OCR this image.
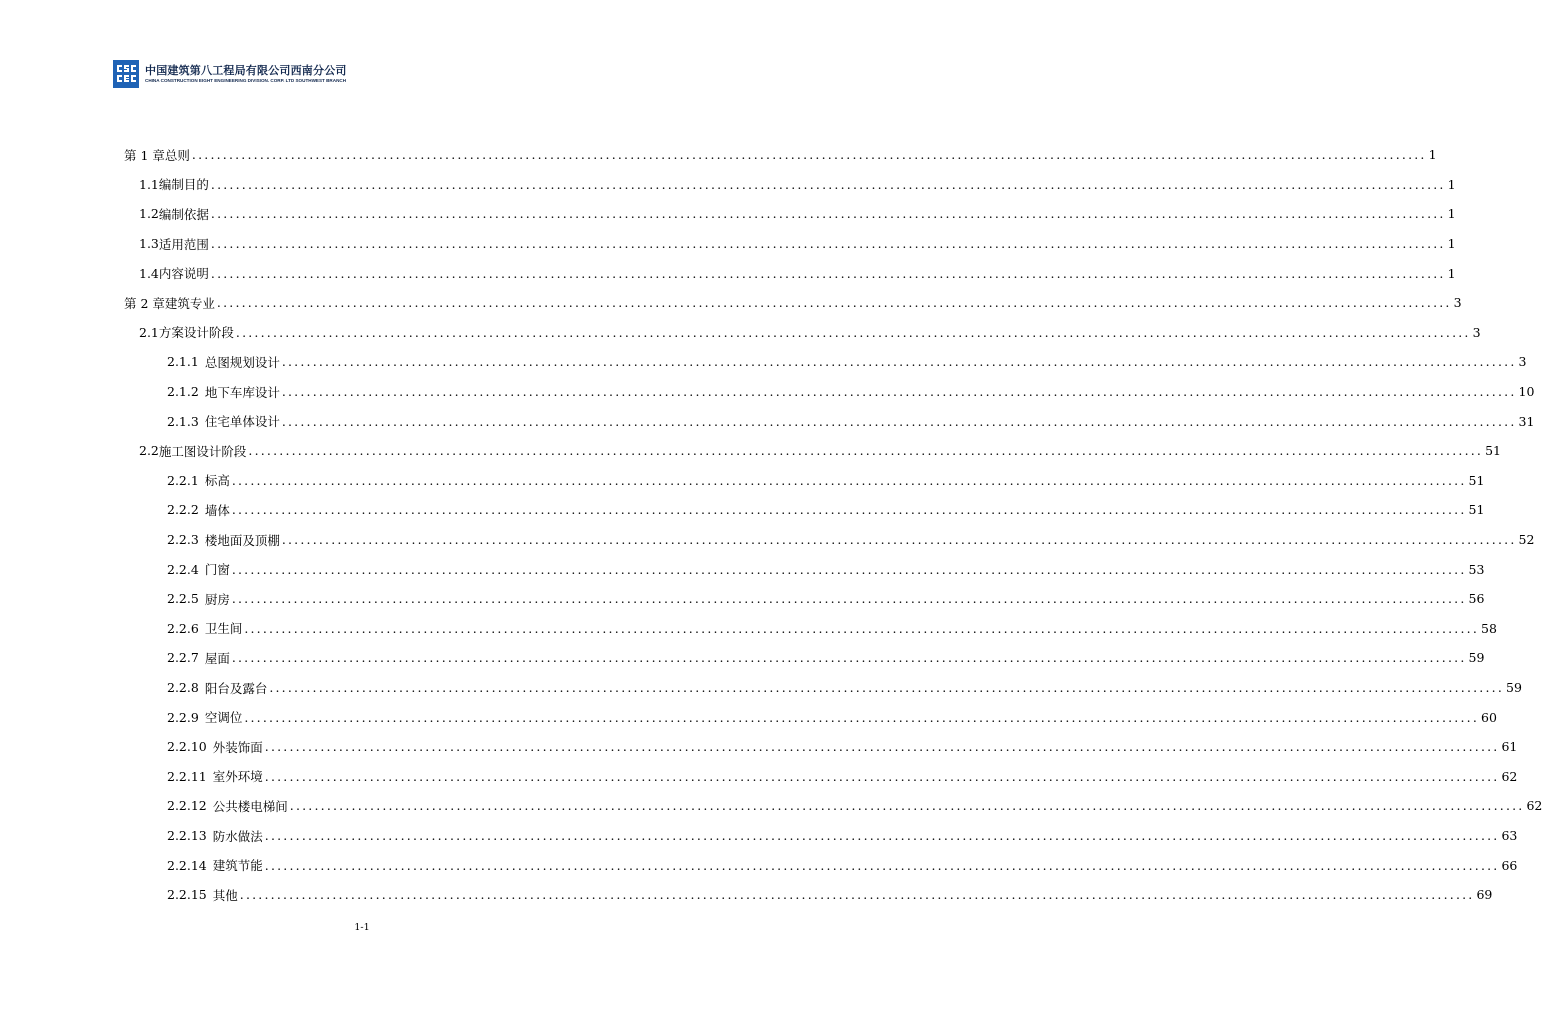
中国建筑第八工程局有限公司西南分公司
CHINA CONSTRUCTION EIGHT ENGINEERING DIVISION. CORP. LTD SOUTHWEST BRANCH
第 1 章 总则 ........................................................................................................................................................................................................ 1
1.1 编制目的 ........................................................................................................................................................................................................ 1
1.2 编制依据 ........................................................................................................................................................................................................ 1
1.3 适用范围 ........................................................................................................................................................................................................ 1
1.4 内容说明 ........................................................................................................................................................................................................ 1
第 2 章 建筑专业 ........................................................................................................................................................................................................ 3
2.1 方案设计阶段 ........................................................................................................................................................................................................ 3
2.1.1 总图规划设计 ........................................................................................................................................................................................................ 3
2.1.2 地下车库设计 ........................................................................................................................................................................................................ 10
2.1.3 住宅单体设计 ........................................................................................................................................................................................................ 31
2.2 施工图设计阶段 ........................................................................................................................................................................................................ 51
2.2.1 标高 ........................................................................................................................................................................................................ 51
2.2.2 墙体 ........................................................................................................................................................................................................ 51
2.2.3 楼地面及顶棚 ........................................................................................................................................................................................................ 52
2.2.4 门窗 ........................................................................................................................................................................................................ 53
2.2.5 厨房 ........................................................................................................................................................................................................ 56
2.2.6 卫生间 ........................................................................................................................................................................................................ 58
2.2.7 屋面 ........................................................................................................................................................................................................ 59
2.2.8 阳台及露台 ........................................................................................................................................................................................................ 59
2.2.9 空调位 ........................................................................................................................................................................................................ 60
2.2.10 外装饰面 ........................................................................................................................................................................................................ 61
2.2.11 室外环境 ........................................................................................................................................................................................................ 62
2.2.12 公共楼电梯间 ........................................................................................................................................................................................................ 62
2.2.13 防水做法 ........................................................................................................................................................................................................ 63
2.2.14 建筑节能 ........................................................................................................................................................................................................ 66
2.2.15 其他 ........................................................................................................................................................................................................ 69
1-1
